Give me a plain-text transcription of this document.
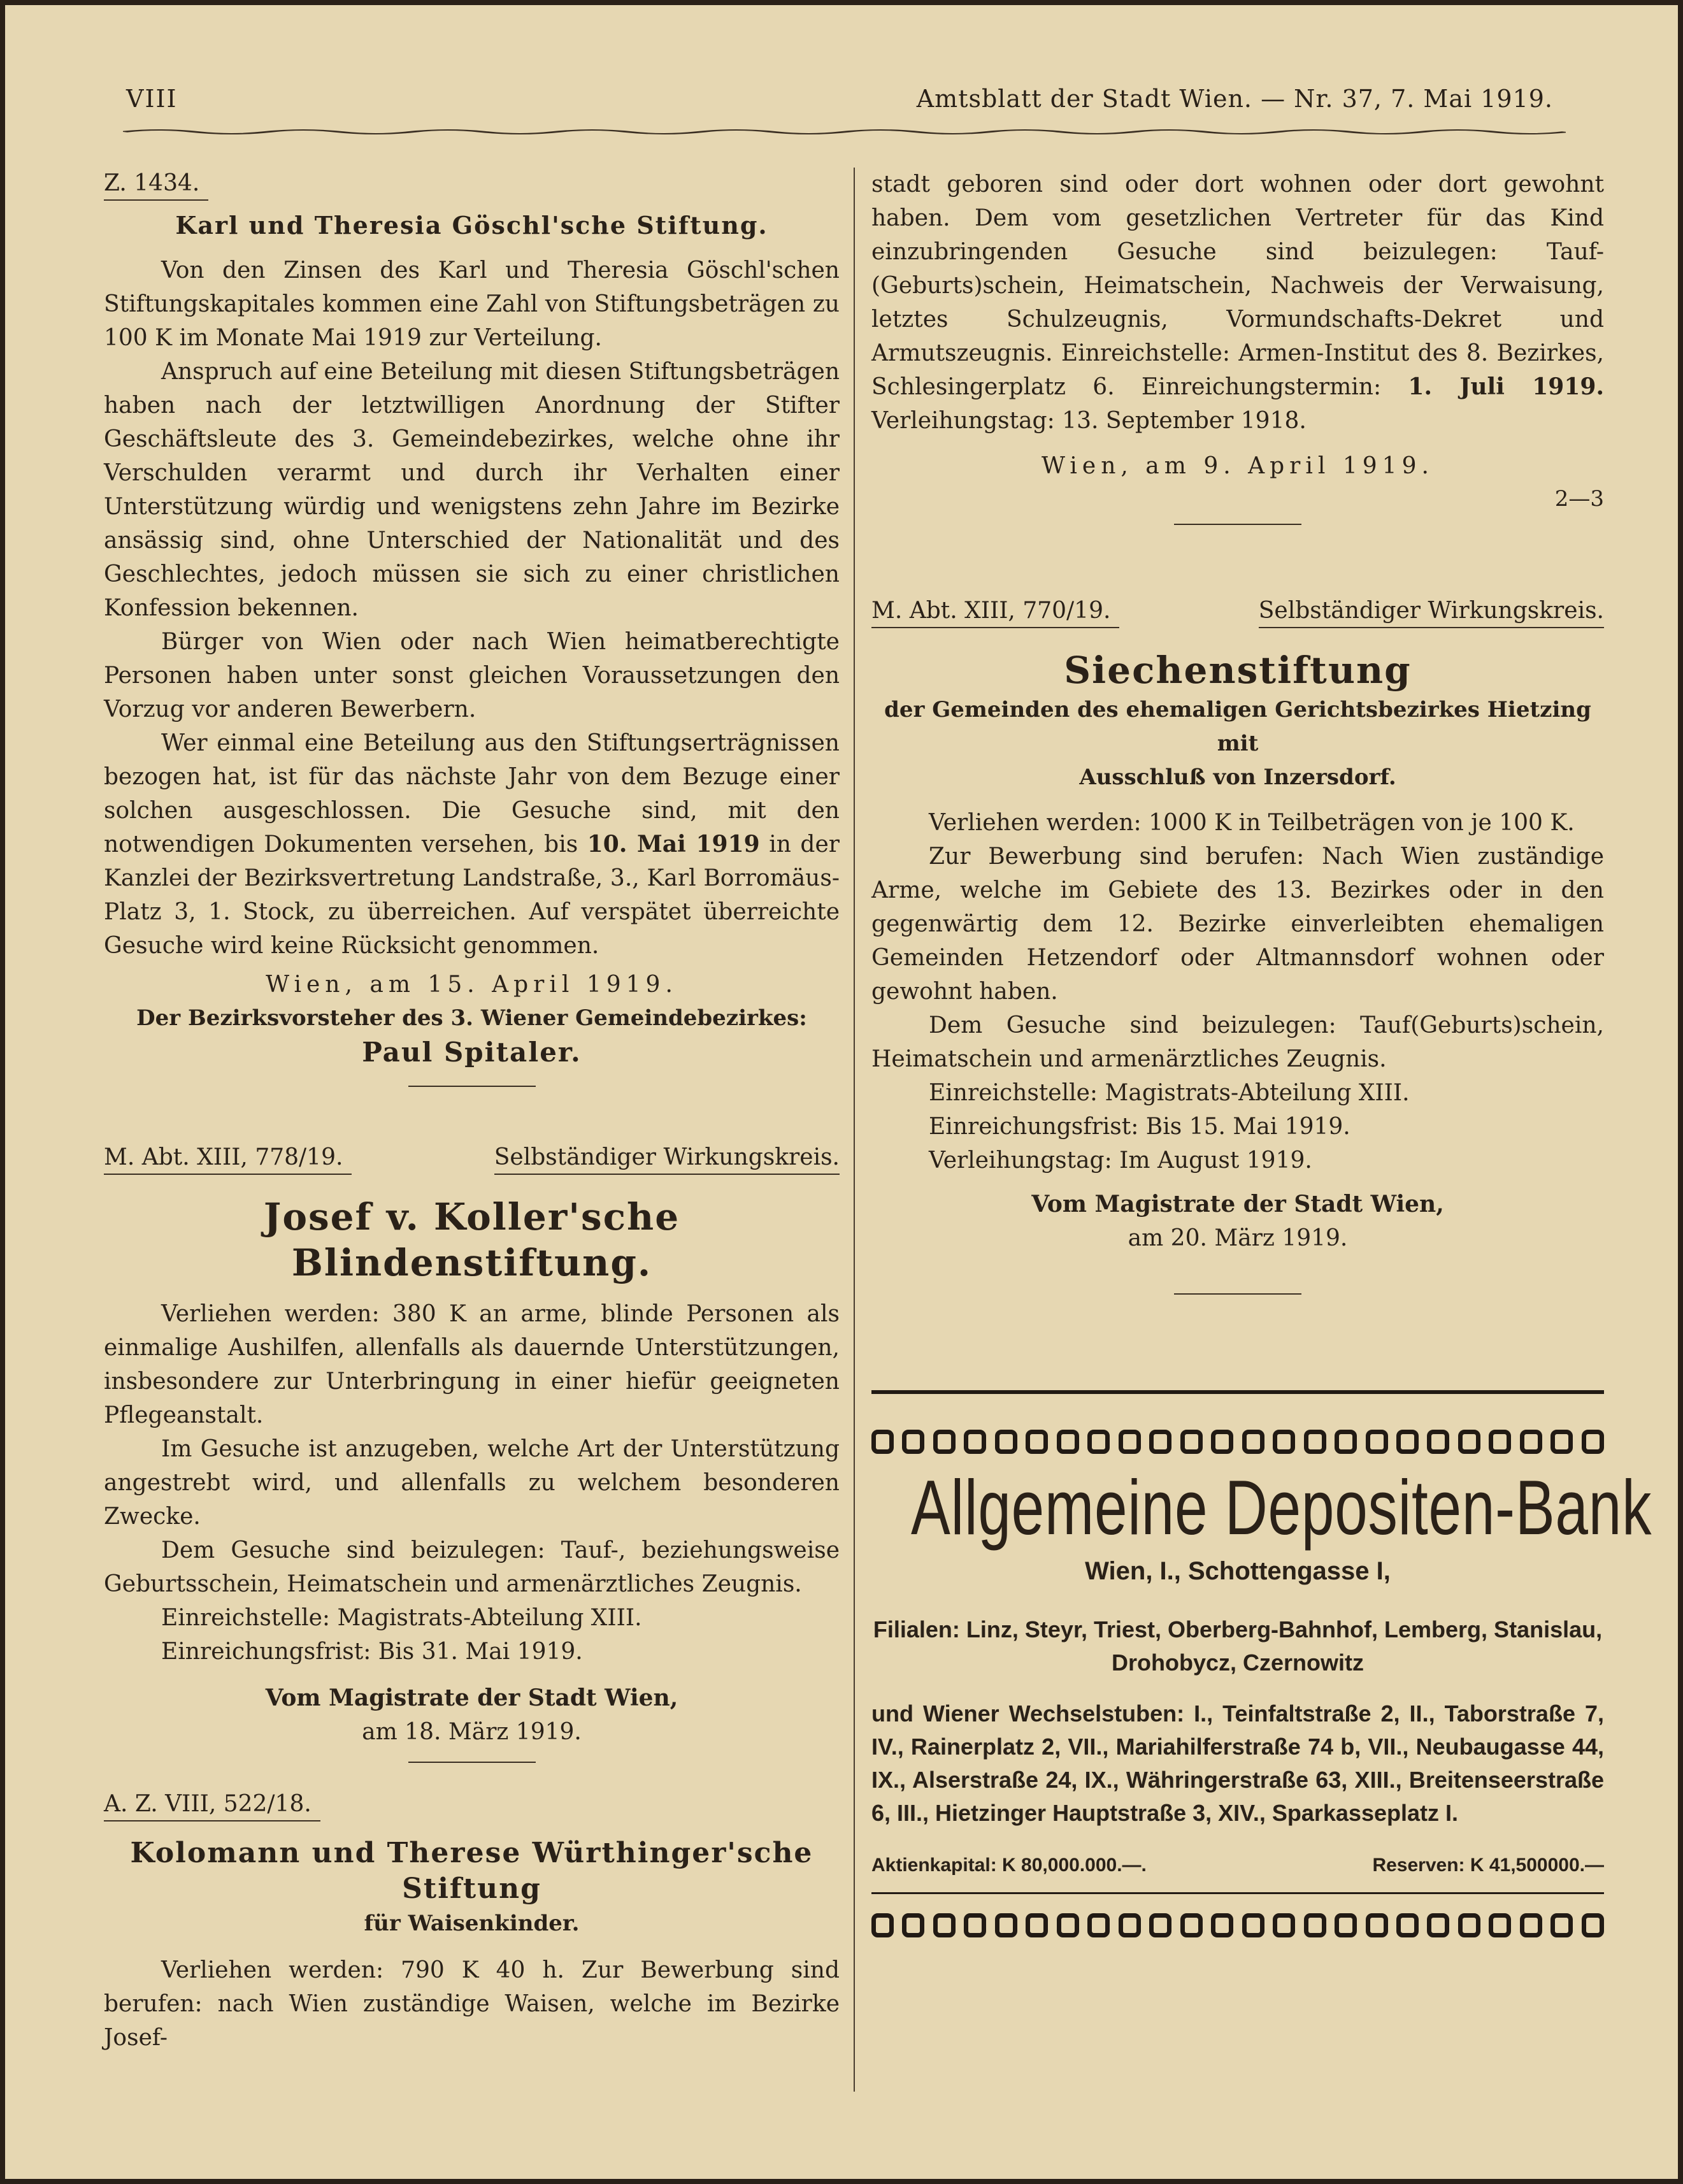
VIII	Amtsblatt der Stadt Wien. — Nr. 37, 7. Mai 1919.
Z. 1434.
Karl und Theresia Göschl'sche Stiftung.

Von den Zinsen des Karl und Theresia Göschl'schen Stiftungskapitales kommen eine Zahl von Stiftungsbeträgen zu 100 K im Monate Mai 1919 zur Verteilung.

Anspruch auf eine Beteilung mit diesen Stiftungsbeträgen haben nach der letztwilligen Anordnung der Stifter Geschäftsleute des 3. Gemeindebezirkes, welche ohne ihr Verschulden verarmt und durch ihr Verhalten einer Unterstützung würdig und wenigstens zehn Jahre im Bezirke ansässig sind, ohne Unterschied der Nationalität und des Geschlechtes, jedoch müssen sie sich zu einer christlichen Konfession bekennen.

Bürger von Wien oder nach Wien heimatberechtigte Personen haben unter sonst gleichen Voraussetzungen den Vorzug vor anderen Bewerbern.

Wer einmal eine Beteilung aus den Stiftungserträgnissen bezogen hat, ist für das nächste Jahr von dem Bezuge einer solchen ausgeschlossen. Die Gesuche sind, mit den notwendigen Dokumenten versehen, bis 10. Mai 1919 in der Kanzlei der Bezirksvertretung Landstraße, 3., Karl Borromäus-Platz 3, 1. Stock, zu überreichen. Auf verspätet überreichte Gesuche wird keine Rücksicht genommen.

Wien, am 15. April 1919.
Der Bezirksvorsteher des 3. Wiener Gemeindebezirkes:
Paul Spitaler.
M. Abt. XIII, 778/19.	Selbständiger Wirkungskreis.
Josef v. Koller'sche Blindenstiftung.

Verliehen werden: 380 K an arme, blinde Personen als einmalige Aushilfen, allenfalls als dauernde Unterstützungen, insbesondere zur Unterbringung in einer hiefür geeigneten Pflegeanstalt.

Im Gesuche ist anzugeben, welche Art der Unterstützung angestrebt wird, und allenfalls zu welchem besonderen Zwecke.

Dem Gesuche sind beizulegen: Tauf-, beziehungsweise Geburtsschein, Heimatschein und armenärztliches Zeugnis.

Einreichstelle: Magistrats-Abteilung XIII.

Einreichungsfrist: Bis 31. Mai 1919.

Vom Magistrate der Stadt Wien,
am 18. März 1919.
A. Z. VIII, 522/18.
Kolomann und Therese Würthinger'sche
Stiftung
für Waisenkinder.

Verliehen werden: 790 K 40 h. Zur Bewerbung sind berufen: nach Wien zuständige Waisen, welche im Bezirke Josef-

stadt geboren sind oder dort wohnen oder dort gewohnt haben. Dem vom gesetzlichen Vertreter für das Kind einzubringenden Gesuche sind beizulegen: Tauf-(Geburts)schein, Heimatschein, Nachweis der Verwaisung, letztes Schulzeugnis, Vormundschafts-Dekret und Armutszeugnis. Einreichstelle: Armen-Institut des 8. Bezirkes, Schlesingerplatz 6. Einreichungstermin: 1. Juli 1919. Verleihungstag: 13. September 1918.

Wien, am 9. April 1919.
2—3
M. Abt. XIII, 770/19.	Selbständiger Wirkungskreis.
Siechenstiftung
der Gemeinden des ehemaligen Gerichtsbezirkes Hietzing mit
Ausschluß von Inzersdorf.

Verliehen werden: 1000 K in Teilbeträgen von je 100 K.

Zur Bewerbung sind berufen: Nach Wien zuständige Arme, welche im Gebiete des 13. Bezirkes oder in den gegenwärtig dem 12. Bezirke einverleibten ehemaligen Gemeinden Hetzendorf oder Altmannsdorf wohnen oder gewohnt haben.

Dem Gesuche sind beizulegen: Tauf(Geburts)schein, Heimatschein und armenärztliches Zeugnis.

Einreichstelle: Magistrats-Abteilung XIII.

Einreichungsfrist: Bis 15. Mai 1919.

Verleihungstag: Im August 1919.

Vom Magistrate der Stadt Wien,
am 20. März 1919.
Allgemeine Depositen-Bank
Wien, I., Schottengasse I,
Filialen: Linz, Steyr, Triest, Oberberg-Bahnhof, Lemberg, Stanislau, Drohobycz, Czernowitz
und Wiener Wechselstuben: I., Teinfaltstraße 2, II., Taborstraße 7, IV., Rainerplatz 2, VII., Mariahilferstraße 74 b, VII., Neubaugasse 44, IX., Alserstraße 24, IX., Währingerstraße 63, XIII., Breitenseerstraße 6, III., Hietzinger Hauptstraße 3, XIV., Sparkasseplatz I.
Aktienkapital: K 80,000.000.—.	Reserven: K 41,500000.—
